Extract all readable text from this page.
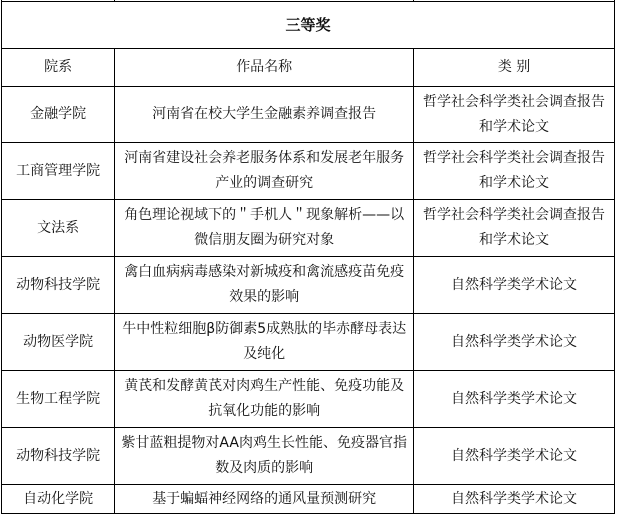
三等奖		
院系	作品名称	类 别
金融学院	河南省在校大学生金融素养调查报告	哲学社会科学类社会调查报告和学术论文
工商管理学院	河南省建设社会养老服务体系和发展老年服务产业的调查研究	哲学社会科学类社会调查报告和学术论文
文法系	角色理论视域下的＂手机人＂现象解析——以微信朋友圈为研究对象	哲学社会科学类社会调查报告和学术论文
动物科技学院	禽白血病病毒感染对新城疫和禽流感疫苗免疫效果的影响	自然科学类学术论文
动物医学院	牛中性粒细胞β防御素5成熟肽的毕赤酵母表达及纯化	自然科学类学术论文
生物工程学院	黄芪和发酵黄芪对肉鸡生产性能、免疫功能及抗氧化功能的影响	自然科学类学术论文
动物科技学院	紫甘蓝粗提物对AA肉鸡生长性能、免疫器官指数及肉质的影响	自然科学类学术论文
自动化学院	基于蝙蝠神经网络的通风量预测研究	自然科学类学术论文
